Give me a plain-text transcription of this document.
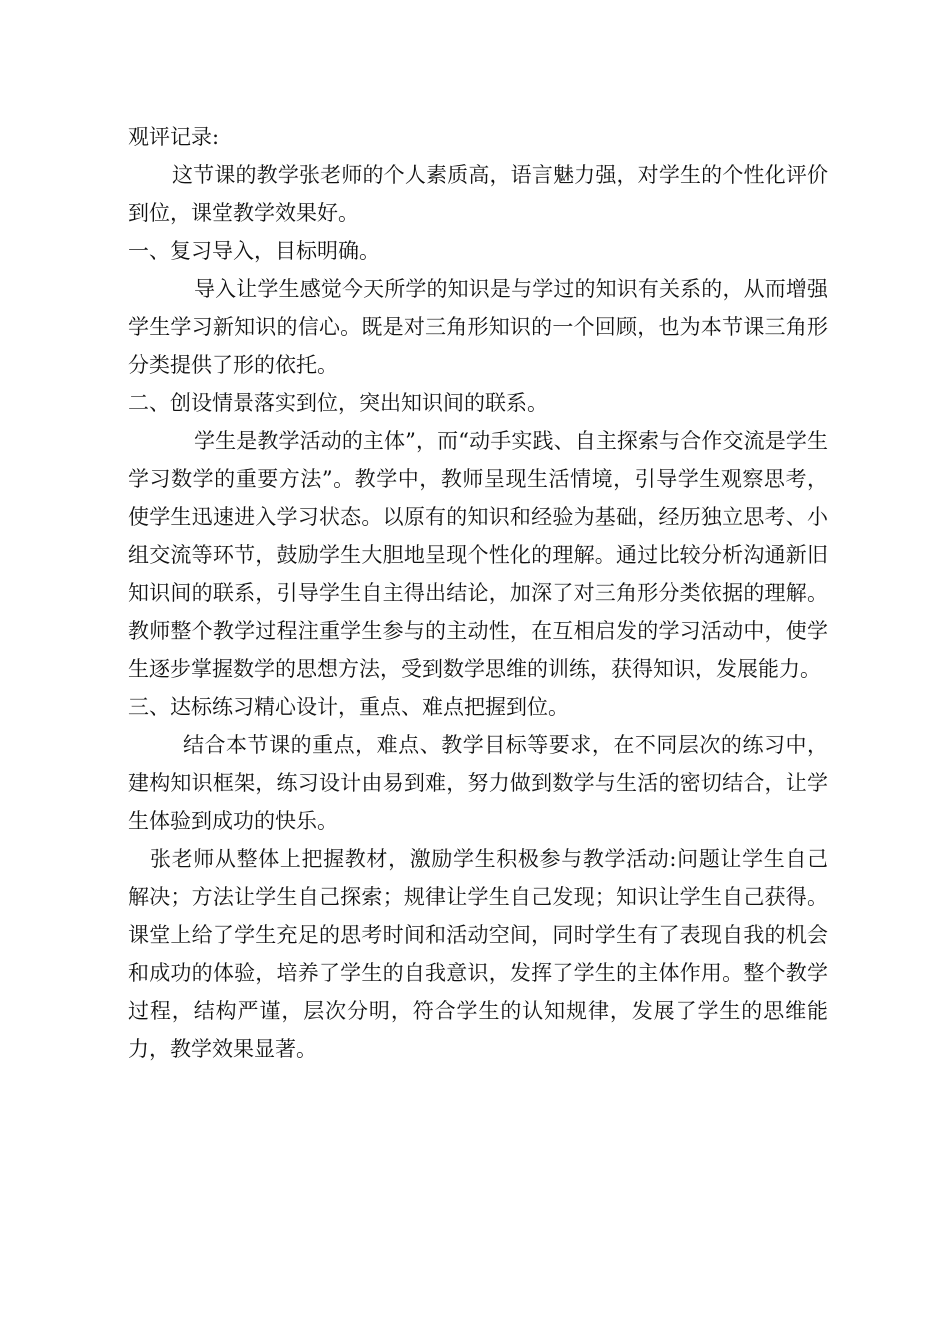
观评记录:

这节课的教学张老师的个人素质高，语言魅力强，对学生的个性化评价到位，课堂教学效果好。

一、复习导入，目标明确。

导入让学生感觉今天所学的知识是与学过的知识有关系的，从而增强学生学习新知识的信心。既是对三角形知识的一个回顾，也为本节课三角形分类提供了形的依托。

二、创设情景落实到位，突出知识间的联系。

学生是教学活动的主体”，而“动手实践、自主探索与合作交流是学生学习数学的重要方法”。教学中，教师呈现生活情境，引导学生观察思考，使学生迅速进入学习状态。以原有的知识和经验为基础，经历独立思考、小组交流等环节，鼓励学生大胆地呈现个性化的理解。通过比较分析沟通新旧知识间的联系，引导学生自主得出结论，加深了对三角形分类依据的理解。教师整个教学过程注重学生参与的主动性，在互相启发的学习活动中，使学生逐步掌握数学的思想方法，受到数学思维的训练，获得知识，发展能力。

三、达标练习精心设计，重点、难点把握到位。

结合本节课的重点，难点、教学目标等要求，在不同层次的练习中，建构知识框架，练习设计由易到难，努力做到数学与生活的密切结合，让学生体验到成功的快乐。

张老师从整体上把握教材，激励学生积极参与教学活动:问题让学生自己解决；方法让学生自己探索；规律让学生自己发现；知识让学生自己获得。课堂上给了学生充足的思考时间和活动空间，同时学生有了表现自我的机会和成功的体验，培养了学生的自我意识，发挥了学生的主体作用。整个教学过程，结构严谨，层次分明，符合学生的认知规律，发展了学生的思维能力，教学效果显著。
